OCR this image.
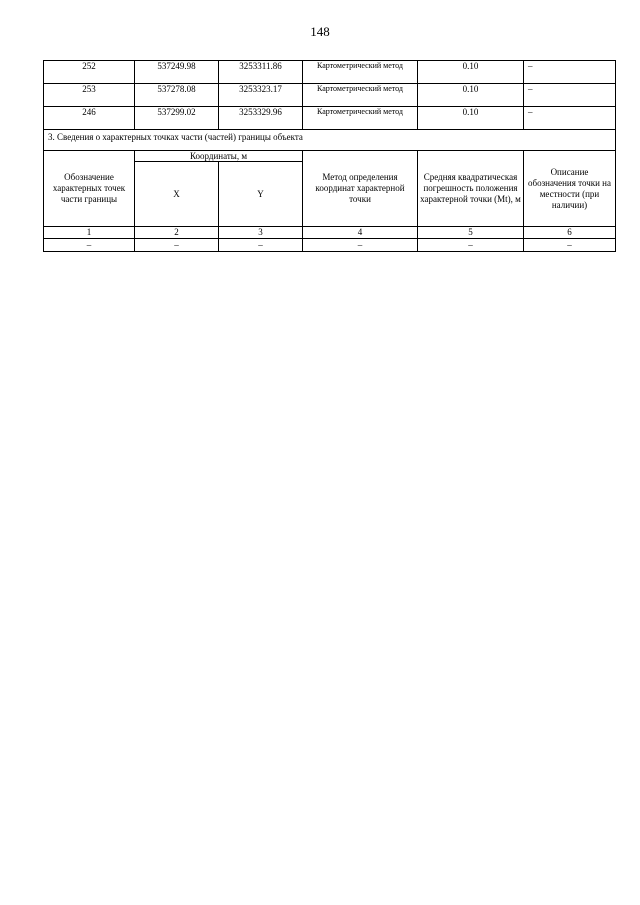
148
252	537249.98	3253311.86	Картометрический метод	0.10	–
253	537278.08	3253323.17	Картометрический метод	0.10	–
246	537299.02	3253329.96	Картометрический метод	0.10	–
3. Сведения о характерных точках части (частей) границы объекта					
Обозначение характерных точек части границы	Координаты, м		Метод определения координат характерной точки	Средняя квадратическая погрешность положения характерной точки (Мt), м	Описание обозначения точки на местности (при наличии)
	X	Y			
1	2	3	4	5	6
–	–	–	–	–	–
